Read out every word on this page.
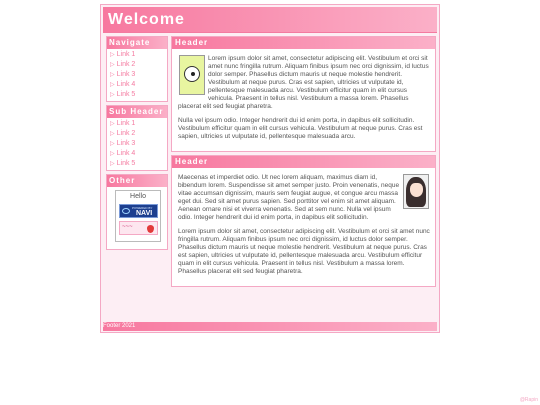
Welcome
Navigate
▷ Link 1
▷ Link 2
▷ Link 3
▷ Link 4
▷ Link 5
Sub Header
▷ Link 1
▷ Link 2
▷ Link 3
▷ Link 4
▷ Link 5
Other
Hello
POWERED BY
NAVI
~~~
Header

Lorem ipsum dolor sit amet, consectetur adipiscing elit. Vestibulum et orci sit amet nunc fringilla rutrum. Aliquam finibus ipsum nec orci dignissim, id luctus dolor semper. Phasellus dictum mauris ut neque molestie hendrerit. Vestibulum at neque purus. Cras est sapien, ultricies ut vulputate id, pellentesque malesuada arcu. Vestibulum efficitur quam in elit cursus vehicula. Praesent in tellus nisl. Vestibulum a massa lorem. Phasellus placerat elit sed feugiat pharetra.

Nulla vel ipsum odio. Integer hendrerit dui id enim porta, in dapibus elit sollicitudin. Vestibulum efficitur quam in elit cursus vehicula. Vestibulum at neque purus. Cras est sapien, ultricies ut vulputate id, pellentesque malesuada arcu.

Header

Maecenas et imperdiet odio. Ut nec lorem aliquam, maximus diam id, bibendum lorem. Suspendisse sit amet semper justo. Proin venenatis, neque vitae accumsan dignissim, mauris sem feugiat augue, et congue arcu massa eget dui. Sed sit amet purus sapien. Sed porttitor vel enim sit amet aliquam. Aenean ornare nisi et viverra venenatis. Sed at sem nunc. Nulla vel ipsum odio. Integer hendrerit dui id enim porta, in dapibus elit sollicitudin.

Lorem ipsum dolor sit amet, consectetur adipiscing elit. Vestibulum et orci sit amet nunc fringilla rutrum. Aliquam finibus ipsum nec orci dignissim, id luctus dolor semper. Phasellus dictum mauris ut neque molestie hendrerit. Vestibulum at neque purus. Cras est sapien, ultricies ut vulputate id, pellentesque malesuada arcu. Vestibulum efficitur quam in elit cursus vehicula. Praesent in tellus nisl. Vestibulum a massa lorem. Phasellus placerat elit sed feugiat pharetra.

Footer 2021
@Rapin
